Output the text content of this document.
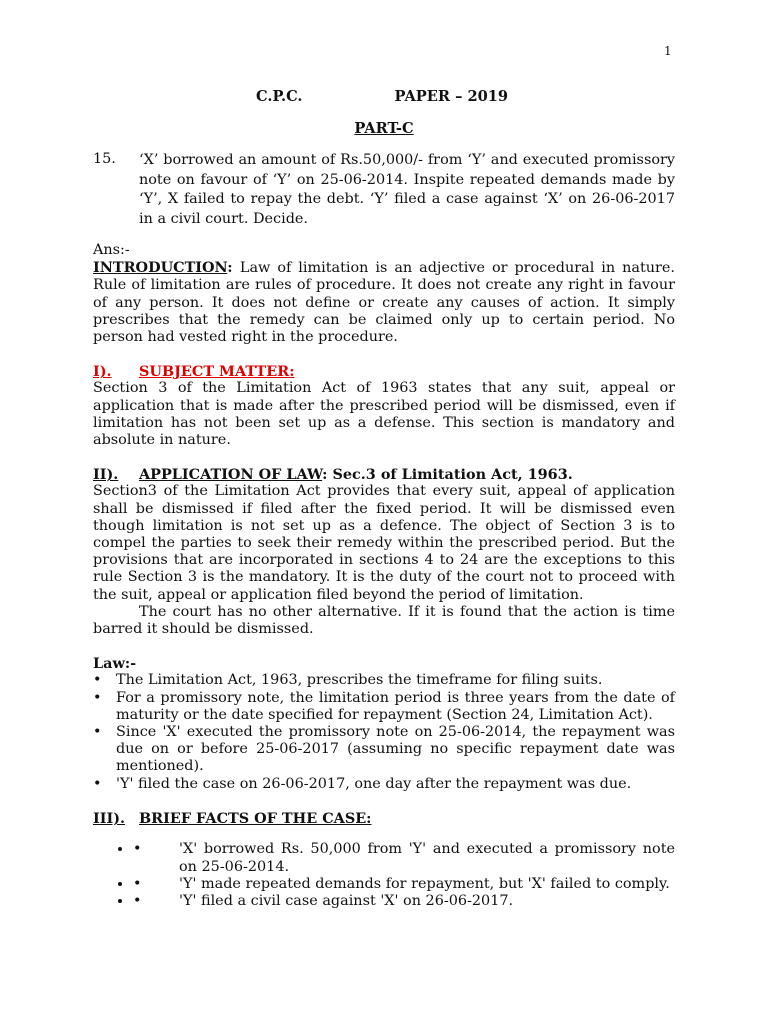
1
C.P.C.	PAPER – 2019
PART-C
15. ‘X’ borrowed an amount of Rs.50,000/- from ‘Y’ and executed promissory note on favour of ‘Y’ on 25-06-2014. Inspite repeated demands made by ‘Y’, X failed to repay the debt. ‘Y’ filed a case against ‘X’ on 26-06-2017 in a civil court. Decide.

Ans:-

INTRODUCTION: Law of limitation is an adjective or procedural in nature. Rule of limitation are rules of procedure. It does not create any right in favour of any person. It does not define or create any causes of action. It simply prescribes that the remedy can be claimed only up to certain period. No person had vested right in the procedure.

I). SUBJECT MATTER:

Section 3 of the Limitation Act of 1963 states that any suit, appeal or application that is made after the prescribed period will be dismissed, even if limitation has not been set up as a defense. This section is mandatory and absolute in nature.

II). APPLICATION OF LAW: Sec.3 of Limitation Act, 1963.

Section3 of the Limitation Act provides that every suit, appeal of application shall be dismissed if filed after the fixed period. It will be dismissed even though limitation is not set up as a defence. The object of Section 3 is to compel the parties to seek their remedy within the prescribed period. But the provisions that are incorporated in sections 4 to 24 are the exceptions to this rule Section 3 is the mandatory. It is the duty of the court not to proceed with the suit, appeal or application filed beyond the period of limitation.

The court has no other alternative. If it is found that the action is time barred it should be dismissed.

Law:-

• The Limitation Act, 1963, prescribes the timeframe for filing suits.
• For a promissory note, the limitation period is three years from the date of maturity or the date specified for repayment (Section 24, Limitation Act).
• Since 'X' executed the promissory note on 25-06-2014, the repayment was due on or before 25-06-2017 (assuming no specific repayment date was mentioned).
• 'Y' filed the case on 26-06-2017, one day after the repayment was due.

III). BRIEF FACTS OF THE CASE:

• •	'X' borrowed Rs. 50,000 from 'Y' and executed a promissory note on 25-06-2014.
• •	'Y' made repeated demands for repayment, but 'X' failed to comply.
• •	'Y' filed a civil case against 'X' on 26-06-2017.
